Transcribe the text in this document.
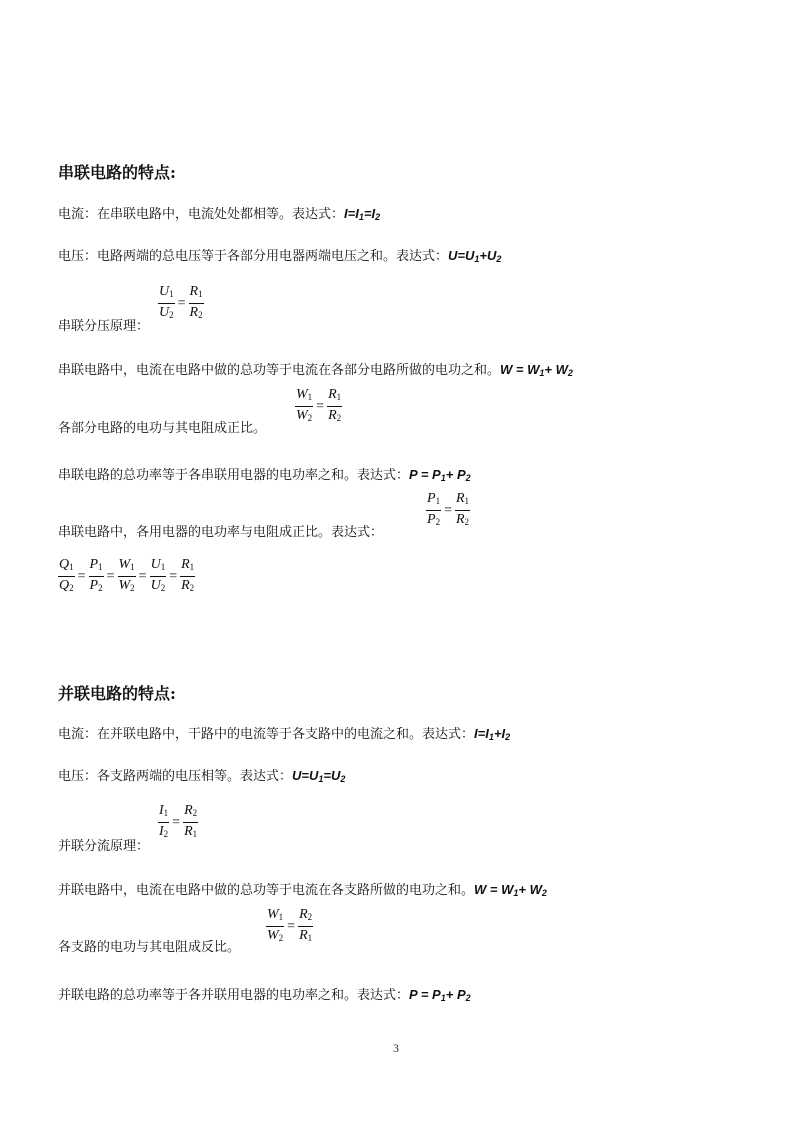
串联电路的特点:
电流：在串联电路中，电流处处都相等。表达式：$I=I_1=I_2$
电压：电路两端的总电压等于各部分用电器两端电压之和。表达式：$U=U_1+U_2$
$\frac{U_1}{U_2} = \frac{R_1}{R_2}$
串联分压原理：
串联电路中，电流在电路中做的总功等于电流在各部分电路所做的电功之和。$W = W_1+ W_2$
$\frac{W_1}{W_2} = \frac{R_1}{R_2}$
各部分电路的电功与其电阻成正比。
串联电路的总功率等于各串联用电器的电功率之和。表达式：$P = P_1+ P_2$
$\frac{P_1}{P_2} = \frac{R_1}{R_2}$
串联电路中，各用电器的电功率与电阻成正比。表达式：
$\frac{Q_1}{Q_2} = \frac{P_1}{P_2} = \frac{W_1}{W_2} = \frac{U_1}{U_2} = \frac{R_1}{R_2}$
并联电路的特点:
电流：在并联电路中，干路中的电流等于各支路中的电流之和。表达式：$I=I_1+I_2$
电压：各支路两端的电压相等。表达式：$U=U_1=U_2$
$\frac{I_1}{I_2} = \frac{R_2}{R_1}$
并联分流原理：
并联电路中，电流在电路中做的总功等于电流在各支路所做的电功之和。$W = W_1+ W_2$
$\frac{W_1}{W_2} = \frac{R_2}{R_1}$
各支路的电功与其电阻成反比。
并联电路的总功率等于各并联用电器的电功率之和。表达式：$P = P_1+ P_2$
3
